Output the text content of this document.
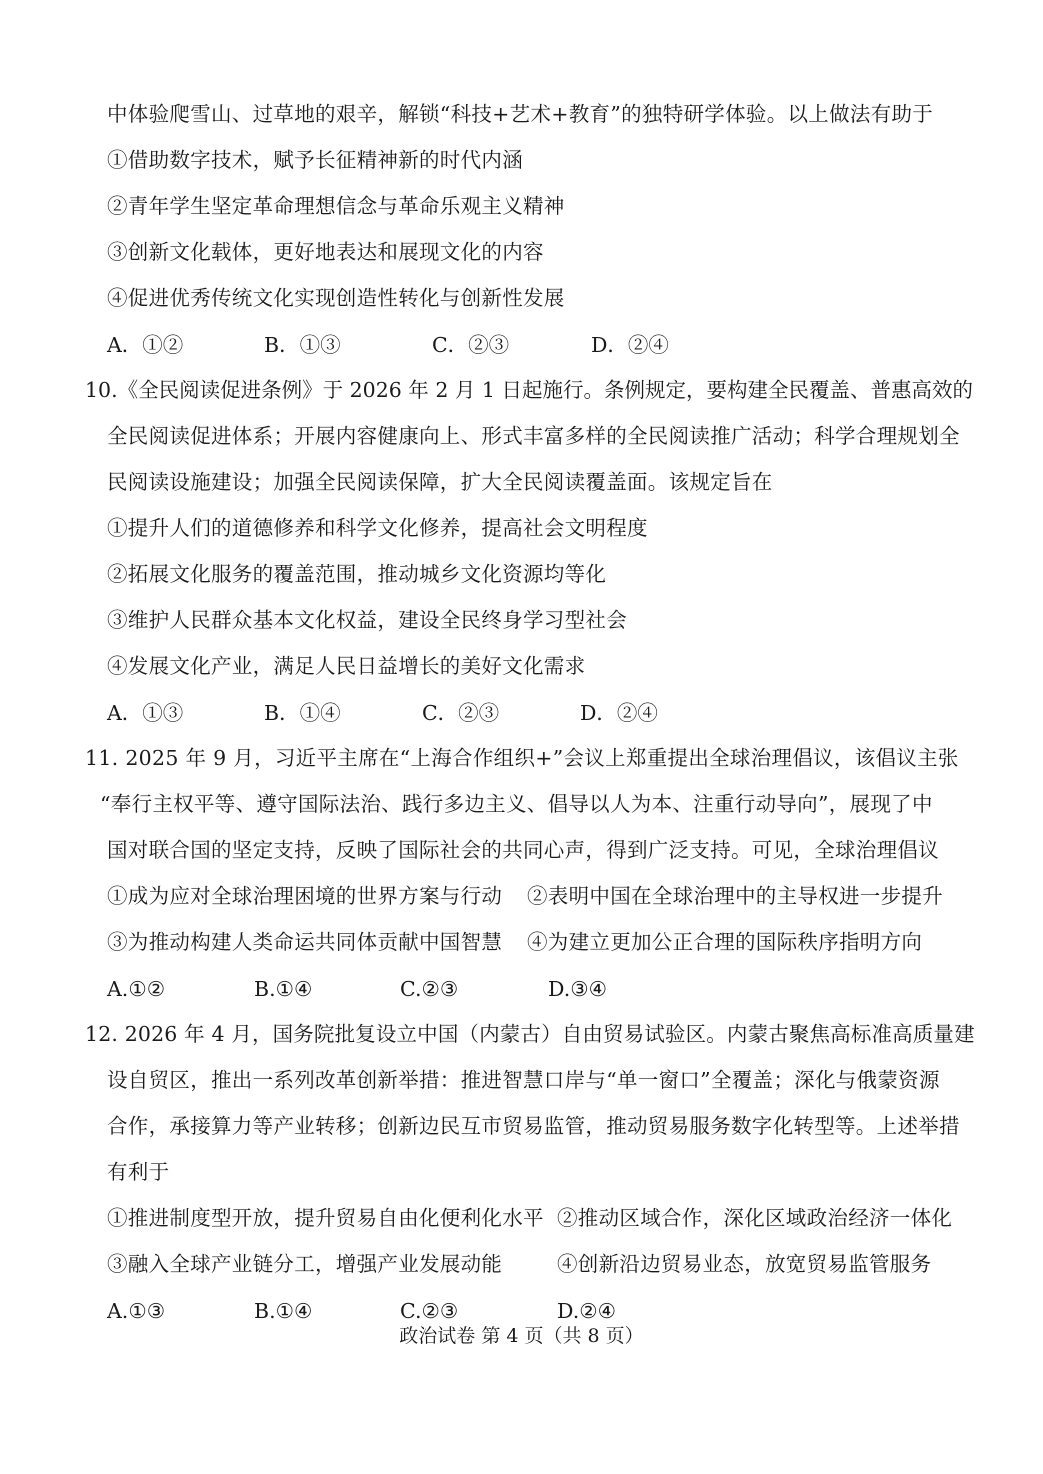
中体验爬雪山、过草地的艰辛，解锁“科技+艺术+教育”的独特研学体验。以上做法有助于
①借助数字技术，赋予长征精神新的时代内涵
②青年学生坚定革命理想信念与革命乐观主义精神
③创新文化载体，更好地表达和展现文化的内容
④促进优秀传统文化实现创造性转化与创新性发展
A．①②	B．①③	C．②③	D．②④
10.《全民阅读促进条例》于 2026 年 2 月 1 日起施行。条例规定，要构建全民覆盖、普惠高效的
全民阅读促进体系；开展内容健康向上、形式丰富多样的全民阅读推广活动；科学合理规划全
民阅读设施建设；加强全民阅读保障，扩大全民阅读覆盖面。该规定旨在
①提升人们的道德修养和科学文化修养，提高社会文明程度
②拓展文化服务的覆盖范围，推动城乡文化资源均等化
③维护人民群众基本文化权益，建设全民终身学习型社会
④发展文化产业，满足人民日益增长的美好文化需求
A．①③	B．①④	C．②③	D．②④
11. 2025 年 9 月，习近平主席在“上海合作组织+”会议上郑重提出全球治理倡议，该倡议主张
“奉行主权平等、遵守国际法治、践行多边主义、倡导以人为本、注重行动导向”，展现了中
国对联合国的坚定支持，反映了国际社会的共同心声，得到广泛支持。可见，全球治理倡议
①成为应对全球治理困境的世界方案与行动 ②表明中国在全球治理中的主导权进一步提升
③为推动构建人类命运共同体贡献中国智慧 ④为建立更加公正合理的国际秩序指明方向
A.①②	B.①④	C.②③	D.③④
12. 2026 年 4 月，国务院批复设立中国（内蒙古）自由贸易试验区。内蒙古聚焦高标准高质量建
设自贸区，推出一系列改革创新举措：推进智慧口岸与“单一窗口”全覆盖；深化与俄蒙资源
合作，承接算力等产业转移；创新边民互市贸易监管，推动贸易服务数字化转型等。上述举措
有利于
①推进制度型开放，提升贸易自由化便利化水平 ②推动区域合作，深化区域政治经济一体化
③融入全球产业链分工，增强产业发展动能	④创新沿边贸易业态，放宽贸易监管服务
A.①③	B.①④	C.②③	D.②④
政治试卷 第 4 页（共 8 页）
